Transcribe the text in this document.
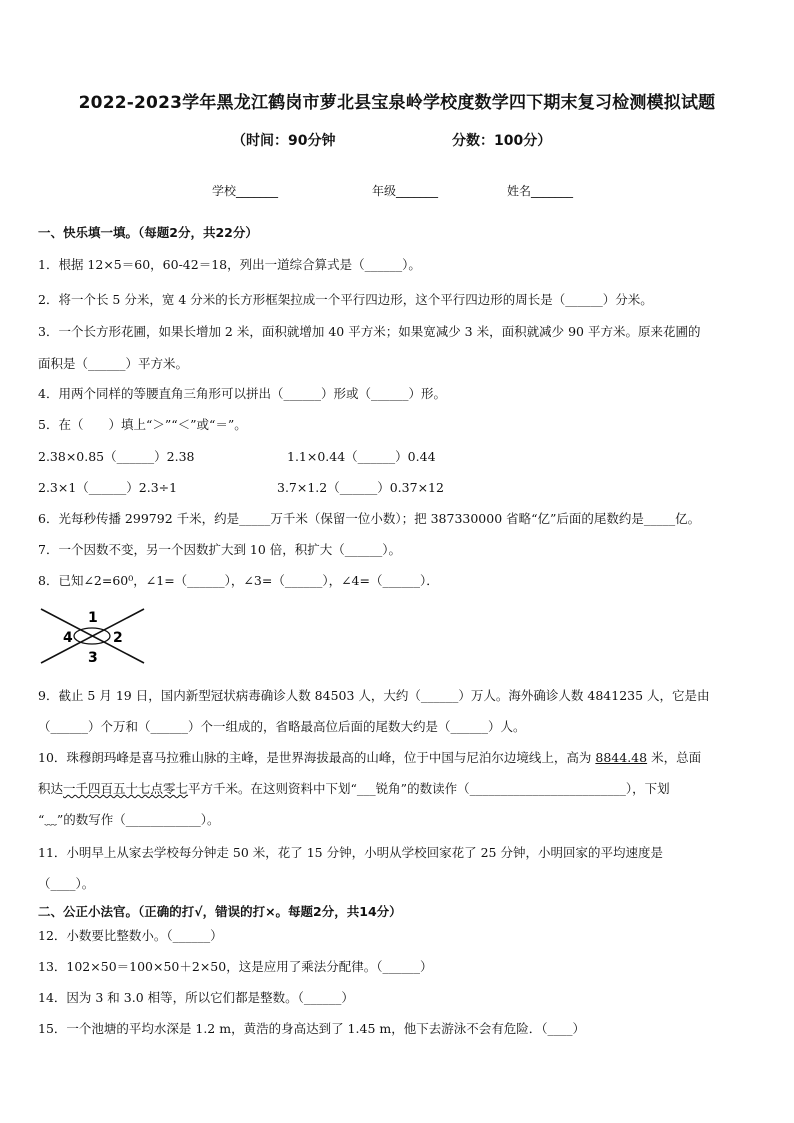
2022-2023学年黑龙江鹤岗市萝北县宝泉岭学校度数学四下期末复习检测模拟试题
（时间：90分钟	分数：100分）
学校_______	年级_______	姓名_______
一、快乐填一填。（每题2分，共22分）
1．根据 12×5＝60，60-42＝18，列出一道综合算式是（______）。
2．将一个长 5 分米，宽 4 分米的长方形框架拉成一个平行四边形，这个平行四边形的周长是（______）分米。
3．一个长方形花圃，如果长增加 2 米，面积就增加 40 平方米；如果宽减少 3 米，面积就减少 90 平方米。原来花圃的
面积是（______）平方米。
4．用两个同样的等腰直角三角形可以拼出（______）形或（______）形。
5．在（　　）填上“＞”“＜”或“＝”。
2.38×0.85（______）2.38	1.1×0.44（______）0.44
2.3×1（______）2.3÷1	3.7×1.2（______）0.37×12
6．光每秒传播 299792 千米，约是_____万千米（保留一位小数）；把 387330000 省略“亿”后面的尾数约是_____亿。
7．一个因数不变，另一个因数扩大到 10 倍，积扩大（______）。
8．已知∠2=60⁰，∠1=（______），∠3=（______），∠4=（______）．
1
2
3
4
9．截止 5 月 19 日，国内新型冠状病毒确诊人数 84503 人，大约（______）万人。海外确诊人数 4841235 人，它是由
（______）个万和（______）个一组成的，省略最高位后面的尾数大约是（______）人。
10．珠穆朗玛峰是喜马拉雅山脉的主峰，是世界海拔最高的山峰，位于中国与尼泊尔边境线上，高为 8844.48 米，总面
积达一千四百五十七点零七平方千米。在这则资料中下划“___锐角”的数读作（_________________________），下划
“﹏”的数写作（____________）。
11．小明早上从家去学校每分钟走 50 米，花了 15 分钟，小明从学校回家花了 25 分钟，小明回家的平均速度是
（____）。
二、公正小法官。（正确的打√，错误的打×。每题2分，共14分）
12．小数要比整数小。（______）
13．102×50＝100×50＋2×50，这是应用了乘法分配律。（______）
14．因为 3 和 3.0 相等，所以它们都是整数。（______）
15．一个池塘的平均水深是 1.2 m，黄浩的身高达到了 1.45 m，他下去游泳不会有危险．（____）
